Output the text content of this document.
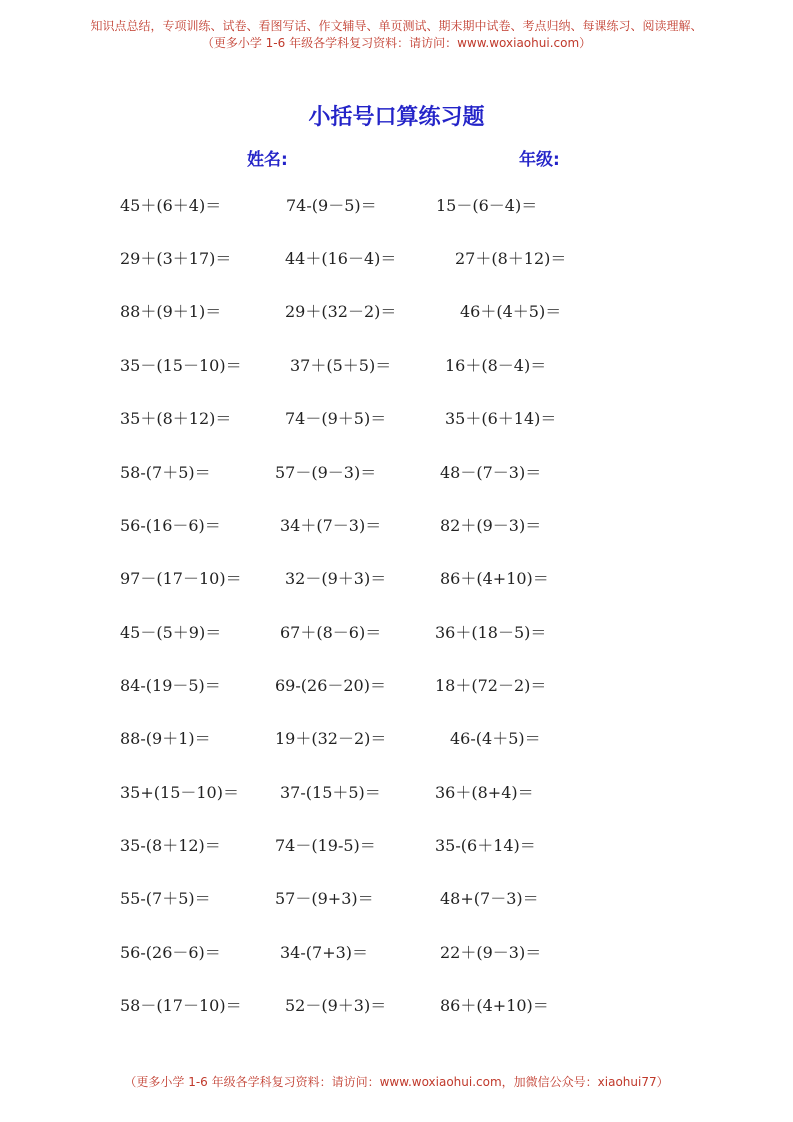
知识点总结，专项训练、试卷、看图写话、作文辅导、单页测试、期末期中试卷、考点归纳、每课练习、阅读理解、
（更多小学 1-6 年级各学科复习资料：请访问：www.woxiaohui.com）
小括号口算练习题
姓名:	年级:
45＋(6＋4)＝	74-(9－5)＝	15－(6－4)＝
29＋(3＋17)＝	44＋(16－4)＝	27＋(8＋12)＝
88＋(9＋1)＝	29＋(32－2)＝	46＋(4＋5)＝
35－(15－10)＝	37＋(5＋5)＝	16＋(8－4)＝
35＋(8＋12)＝	74－(9＋5)＝	35＋(6＋14)＝
58-(7＋5)＝	57－(9－3)＝	48－(7－3)＝
56-(16－6)＝	34＋(7－3)＝	82＋(9－3)＝
97－(17－10)＝	32－(9＋3)＝	86＋(4+10)＝
45－(5＋9)＝	67＋(8－6)＝	36＋(18－5)＝
84-(19－5)＝	69-(26－20)＝	18＋(72－2)＝
88-(9＋1)＝	19＋(32－2)＝	46-(4＋5)＝
35+(15－10)＝	37-(15＋5)＝	36＋(8+4)＝
35-(8＋12)＝	74－(19-5)＝	35-(6＋14)＝
55-(7＋5)＝	57－(9+3)＝	48+(7－3)＝
56-(26－6)＝	34-(7+3)＝	22＋(9－3)＝
58－(17－10)＝	52－(9＋3)＝	86＋(4+10)＝
（更多小学 1-6 年级各学科复习资料：请访问：www.woxiaohui.com，加微信公众号：xiaohui77）
